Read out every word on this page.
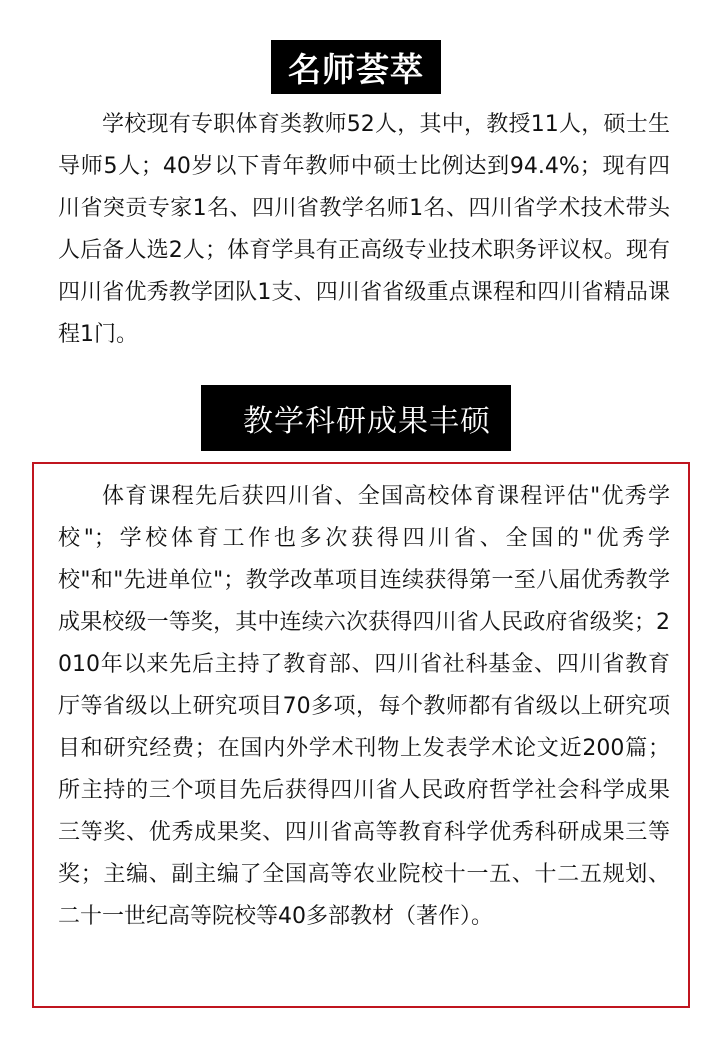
名师荟萃

学校现有专职体育类教师52人，其中，教授11人，硕士生导师5人；40岁以下青年教师中硕士比例达到94.4%；现有四川省突贡专家1名、四川省教学名师1名、四川省学术技术带头人后备人选2人；体育学具有正高级专业技术职务评议权。现有四川省优秀教学团队1支、四川省省级重点课程和四川省精品课程1门。

教学科研成果丰硕

体育课程先后获四川省、全国高校体育课程评估"优秀学校"；学校体育工作也多次获得四川省、全国的"优秀学校"和"先进单位"；教学改革项目连续获得第一至八届优秀教学成果校级一等奖，其中连续六次获得四川省人民政府省级奖；2010年以来先后主持了教育部、四川省社科基金、四川省教育厅等省级以上研究项目70多项，每个教师都有省级以上研究项目和研究经费；在国内外学术刊物上发表学术论文近200篇；所主持的三个项目先后获得四川省人民政府哲学社会科学成果三等奖、优秀成果奖、四川省高等教育科学优秀科研成果三等奖；主编、副主编了全国高等农业院校十一五、十二五规划、二十一世纪高等院校等40多部教材（著作）。
